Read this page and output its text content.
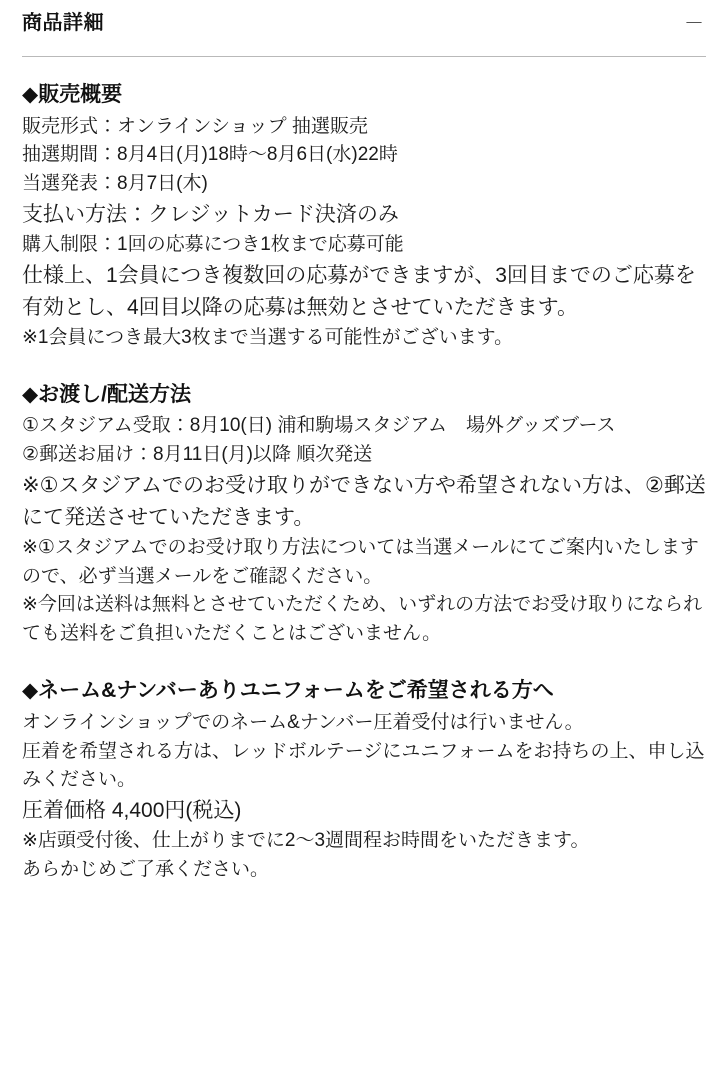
商品詳細	－
◆販売概要

販売形式：オンラインショップ 抽選販売

抽選期間：8月4日(月)18時〜8月6日(水)22時

当選発表：8月7日(木)

支払い方法：クレジットカード決済のみ

購入制限：1回の応募につき1枚まで応募可能

仕様上、1会員につき複数回の応募ができますが、3回目までのご応募を有効とし、4回目以降の応募は無効とさせていただきます。

※1会員につき最大3枚まで当選する可能性がございます。

◆お渡し/配送方法

①スタジアム受取：8月10(日) 浦和駒場スタジアム　場外グッズブース

②郵送お届け：8月11日(月)以降 順次発送

※①スタジアムでのお受け取りができない方や希望されない方は、②郵送にて発送させていただきます。

※①スタジアムでのお受け取り方法については当選メールにてご案内いたしますので、必ず当選メールをご確認ください。

※今回は送料は無料とさせていただくため、いずれの方法でお受け取りになられても送料をご負担いただくことはございません。

◆ネーム&ナンバーありユニフォームをご希望される方へ

オンラインショップでのネーム&ナンバー圧着受付は行いません。

圧着を希望される方は、レッドボルテージにユニフォームをお持ちの上、申し込みください。

圧着価格 4,400円(税込)

※店頭受付後、仕上がりまでに2〜3週間程お時間をいただきます。

あらかじめご了承ください。
